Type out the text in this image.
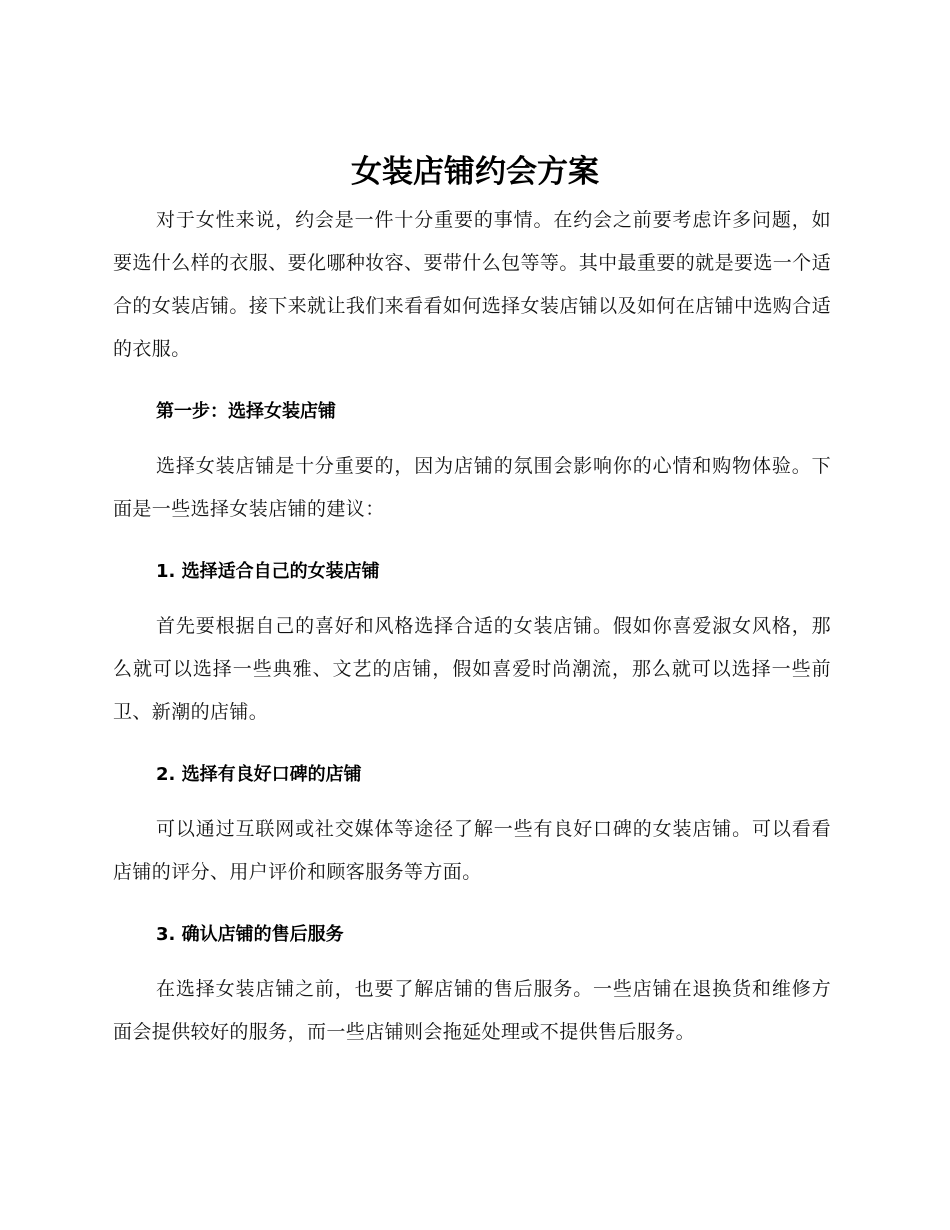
女装店铺约会方案

对于女性来说，约会是一件十分重要的事情。在约会之前要考虑许多问题，如要选什么样的衣服、要化哪种妆容、要带什么包等等。其中最重要的就是要选一个适合的女装店铺。接下来就让我们来看看如何选择女装店铺以及如何在店铺中选购合适的衣服。

第一步：选择女装店铺

选择女装店铺是十分重要的，因为店铺的氛围会影响你的心情和购物体验。下面是一些选择女装店铺的建议：

1. 选择适合自己的女装店铺

首先要根据自己的喜好和风格选择合适的女装店铺。假如你喜爱淑女风格，那么就可以选择一些典雅、文艺的店铺，假如喜爱时尚潮流，那么就可以选择一些前卫、新潮的店铺。

2. 选择有良好口碑的店铺

可以通过互联网或社交媒体等途径了解一些有良好口碑的女装店铺。可以看看店铺的评分、用户评价和顾客服务等方面。

3. 确认店铺的售后服务

在选择女装店铺之前，也要了解店铺的售后服务。一些店铺在退换货和维修方面会提供较好的服务，而一些店铺则会拖延处理或不提供售后服务。
